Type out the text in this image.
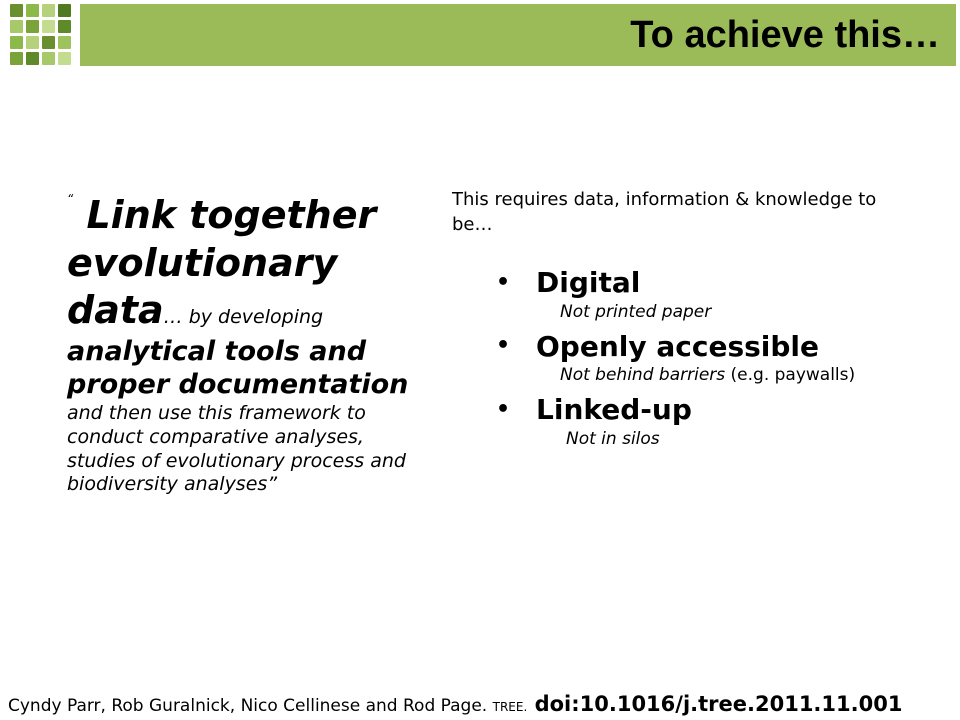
To achieve this…
“ Link together evolutionary data… by developing analytical tools and proper documentation and then use this framework to conduct comparative analyses, studies of evolutionary process and biodiversity analyses”
This requires data, information & knowledge to be…
• Digital
Not printed paper
• Openly accessible
Not behind barriers (e.g. paywalls)
• Linked-up
Not in silos
Cyndy Parr, Rob Guralnick, Nico Cellinese and Rod Page. TREE. doi:10.1016/j.tree.2011.11.001
